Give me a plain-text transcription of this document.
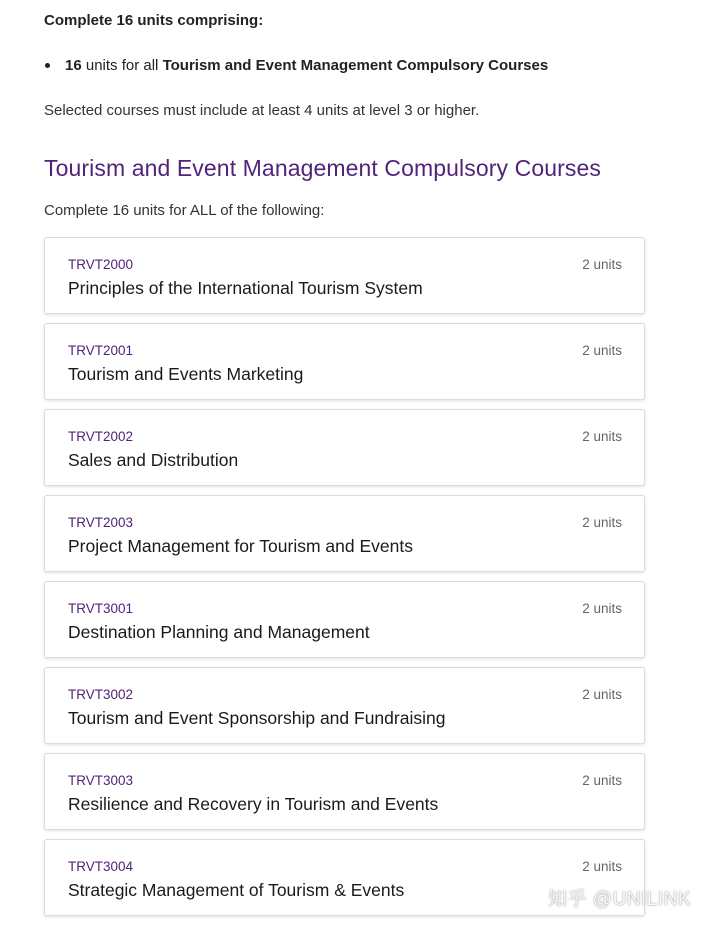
Complete 16 units comprising:
16
units for all
Tourism and Event Management Compulsory Courses
Selected courses must include at least 4 units at level 3 or higher.
Tourism and Event Management Compulsory Courses
Complete 16 units for ALL of the following:
TRVT2000	2 units
Principles of the International Tourism System
TRVT2001	2 units
Tourism and Events Marketing
TRVT2002	2 units
Sales and Distribution
TRVT2003	2 units
Project Management for Tourism and Events
TRVT3001	2 units
Destination Planning and Management
TRVT3002	2 units
Tourism and Event Sponsorship and Fundraising
TRVT3003	2 units
Resilience and Recovery in Tourism and Events
TRVT3004	2 units
Strategic Management of Tourism & Events	知乎 @UNILINK
